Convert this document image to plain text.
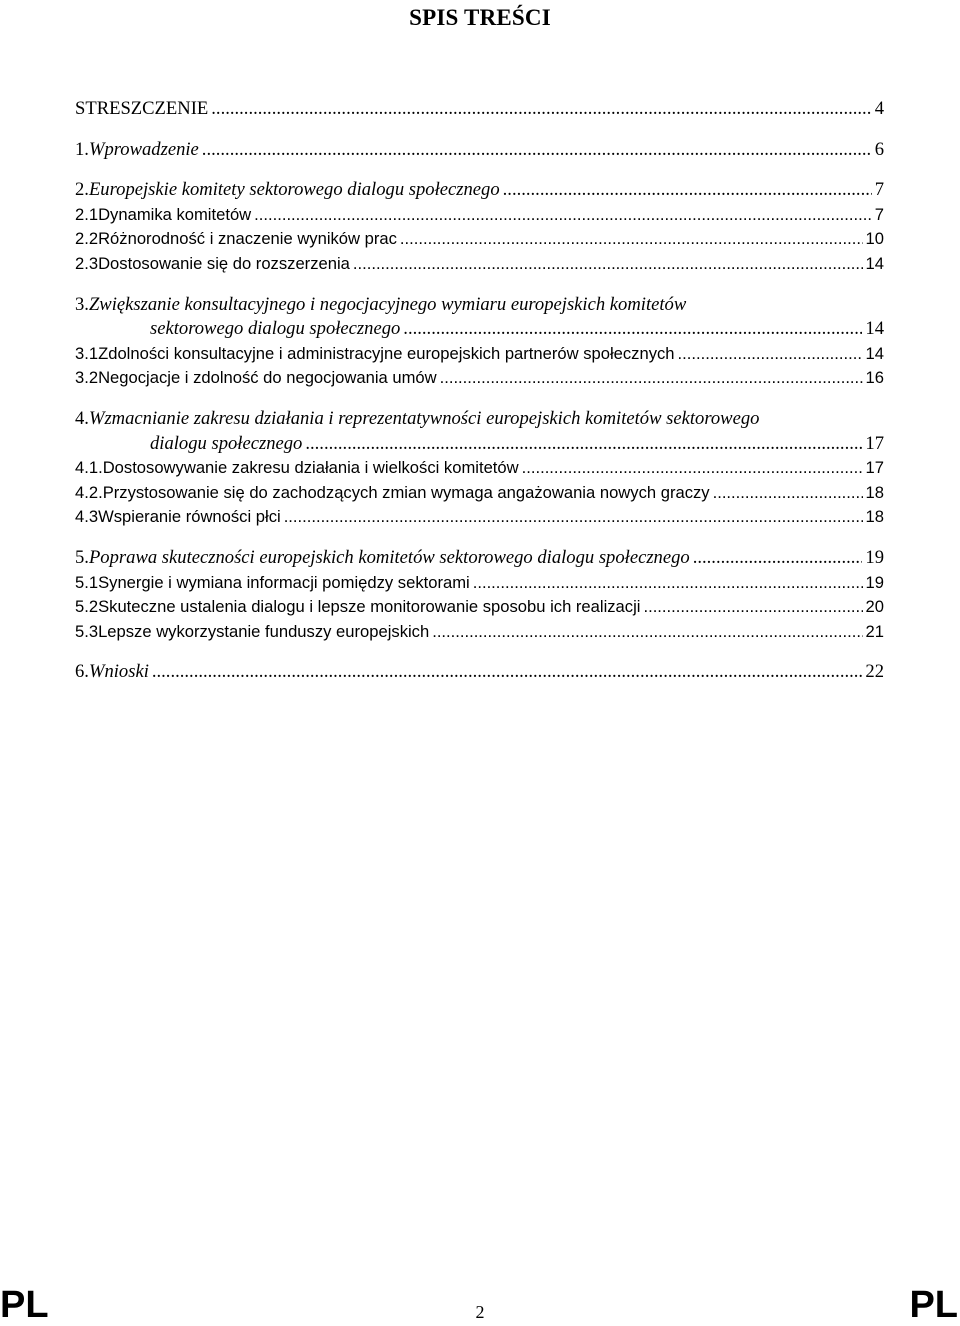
SPIS TREŚCI
STRESZCZENIE .....	4
1. Wprowadzenie .....	6
2. Europejskie komitety sektorowego dialogu społecznego .....	7
2.1 Dynamika komitetów .....	7
2.2 Różnorodność i znaczenie wyników prac .....	10
2.3 Dostosowanie się do rozszerzenia .....	14
3. Zwiększanie konsultacyjnego i negocjacyjnego wymiaru europejskich komitetów
sektorowego dialogu społecznego .....	14
3.1 Zdolności konsultacyjne i administracyjne europejskich partnerów społecznych .....	14
3.2 Negocjacje i zdolność do negocjowania umów .....	16
4. Wzmacnianie zakresu działania i reprezentatywności europejskich komitetów sektorowego
dialogu społecznego .....	17
4.1. Dostosowywanie zakresu działania i wielkości komitetów .....	17
4.2. Przystosowanie się do zachodzących zmian wymaga angażowania nowych graczy .....	18
4.3 Wspieranie równości płci .....	18
5. Poprawa skuteczności europejskich komitetów sektorowego dialogu społecznego .....	19
5.1 Synergie i wymiana informacji pomiędzy sektorami .....	19
5.2 Skuteczne ustalenia dialogu i lepsze monitorowanie sposobu ich realizacji .....	20
5.3 Lepsze wykorzystanie funduszy europejskich .....	21
6. Wnioski .....	22
PL	2	PL
